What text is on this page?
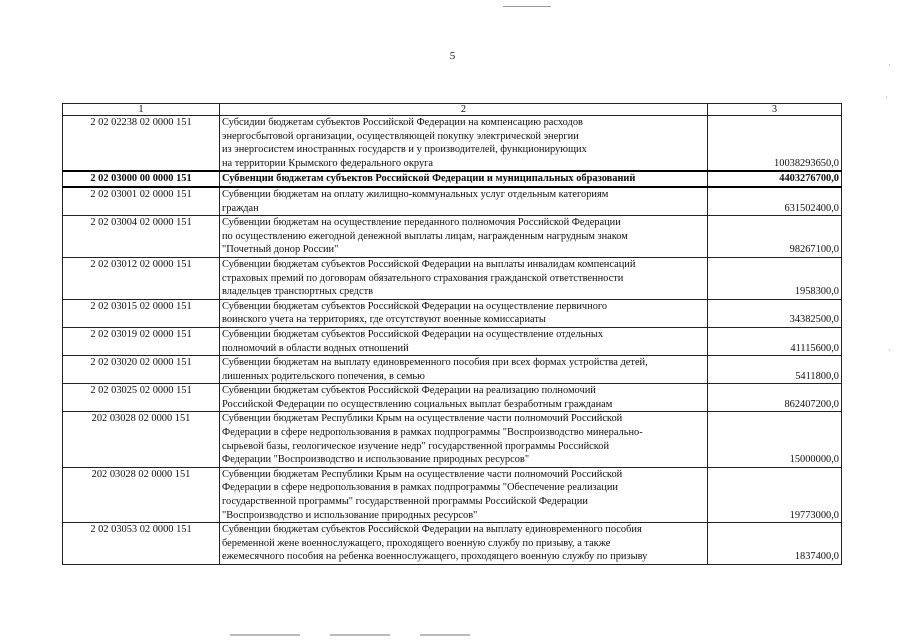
·
'
·
5
1	2	3
2 02 02238 02 0000 151	Субсидии бюджетам субъектов Российской Федерации на компенсацию расходов
энергосбытовой организации, осуществляющей покупку электрической энергии
из энергосистем иностранных государств и у производителей, функционирующих
на территории Крымского федерального округа	10038293650,0
2 02 03000 00 0000 151	Субвенции бюджетам субъектов Российской Федерации и муниципальных образований	4403276700,0
2 02 03001 02 0000 151	Субвенции бюджетам на оплату жилищно-коммунальных услуг отдельным категориям
граждан	631502400,0
2 02 03004 02 0000 151	Субвенции бюджетам на осуществление переданного полномочия Российской Федерации
по осуществлению ежегодной денежной выплаты лицам, награжденным нагрудным знаком
"Почетный донор России"	98267100,0
2 02 03012 02 0000 151	Субвенции бюджетам субъектов Российской Федерации на выплаты инвалидам компенсаций
страховых премий по договорам обязательного страхования гражданской ответственности
владельцев транспортных средств	1958300,0
2 02 03015 02 0000 151	Субвенции бюджетам субъектов Российской Федерации на осуществление первичного
воинского учета на территориях, где отсутствуют военные комиссариаты	34382500,0
2 02 03019 02 0000 151	Субвенции бюджетам субъектов Российской Федерации на осуществление отдельных
полномочий в области водных отношений	41115600,0
2 02 03020 02 0000 151	Субвенции бюджетам на выплату единовременного пособия при всех формах устройства детей,
лишенных родительского попечения, в семью	5411800,0
2 02 03025 02 0000 151	Субвенции бюджетам субъектов Российской Федерации на реализацию полномочий
Российской Федерации по осуществлению социальных выплат безработным гражданам	862407200,0
202 03028 02 0000 151	Субвенции бюджетам Республики Крым на осуществление части полномочий Российской
Федерации в сфере недропользования в рамках подпрограммы "Воспроизводство минерально-
сырьевой базы, геологическое изучение недр" государственной программы Российской
Федерации "Воспроизводство и использование природных ресурсов"	15000000,0
202 03028 02 0000 151	Субвенции бюджетам Республики Крым на осуществление части полномочий Российской
Федерации в сфере недропользования в рамках подпрограммы "Обеспечение реализации
государственной программы" государственной программы Российской Федерации
"Воспроизводство и использование природных ресурсов"	19773000,0
2 02 03053 02 0000 151	Субвенции бюджетам субъектов Российской Федерации на выплату единовременного пособия
беременной жене военнослужащего, проходящего военную службу по призыву, а также
ежемесячного пособия на ребенка военнослужащего, проходящего военную службу по призыву	1837400,0
